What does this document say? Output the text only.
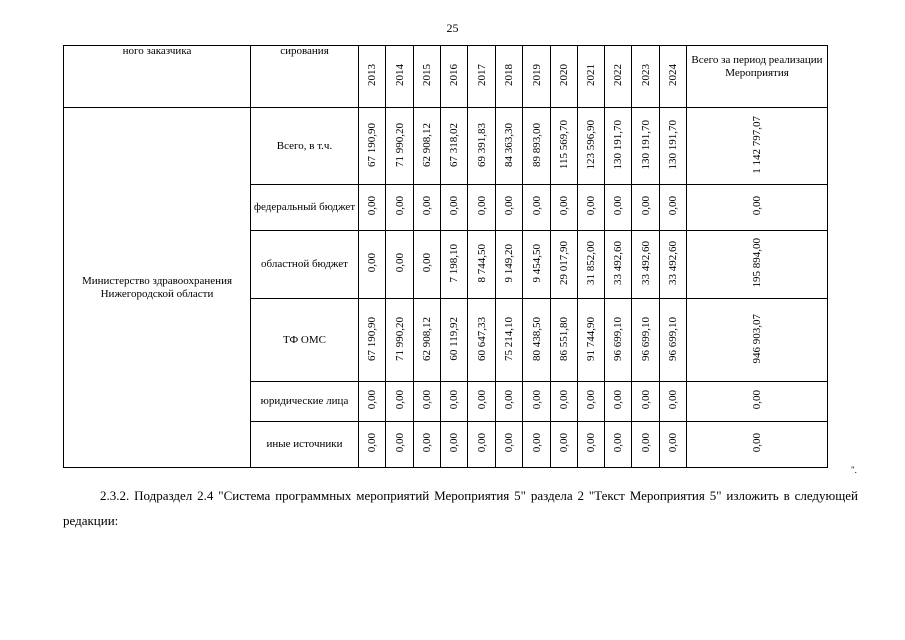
25
ного заказчика	сирования	2013	2014	2015	2016	2017	2018	2019	2020	2021	2022	2023	2024	Всего за период реализации Мероприятия
Министерство здравоохранения Нижегородской области	Всего, в т.ч.	67 190,90	71 990,20	62 908,12	67 318,02	69 391,83	84 363,30	89 893,00	115 569,70	123 596,90	130 191,70	130 191,70	130 191,70	1 142 797,07
	федеральный бюджет	0,00	0,00	0,00	0,00	0,00	0,00	0,00	0,00	0,00	0,00	0,00	0,00	0,00
	областной бюджет	0,00	0,00	0,00	7 198,10	8 744,50	9 149,20	9 454,50	29 017,90	31 852,00	33 492,60	33 492,60	33 492,60	195 894,00
	ТФ ОМС	67 190,90	71 990,20	62 908,12	60 119,92	60 647,33	75 214,10	80 438,50	86 551,80	91 744,90	96 699,10	96 699,10	96 699,10	946 903,07
	юридические лица	0,00	0,00	0,00	0,00	0,00	0,00	0,00	0,00	0,00	0,00	0,00	0,00	0,00
	иные источники	0,00	0,00	0,00	0,00	0,00	0,00	0,00	0,00	0,00	0,00	0,00	0,00	0,00
".
2.3.2. Подраздел 2.4 "Система программных мероприятий Мероприятия 5" раздела 2 "Текст Мероприятия 5" изложить в следующей редакции:
